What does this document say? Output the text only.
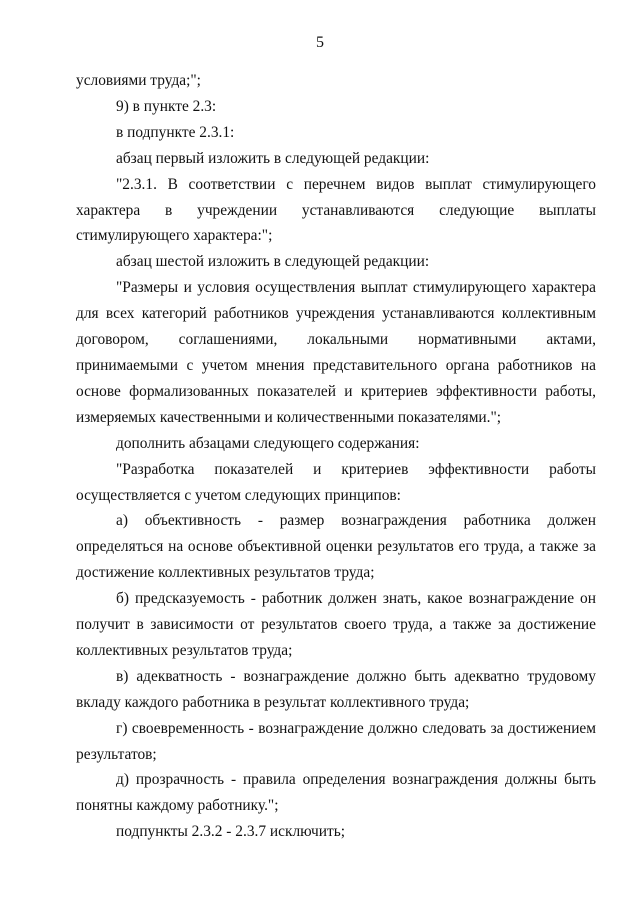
5

условиями труда;";

9) в пункте 2.3:

в подпункте 2.3.1:

абзац первый изложить в следующей редакции:

"2.3.1. В соответствии с перечнем видов выплат стимулирующего характера в учреждении устанавливаются следующие выплаты стимулирующего характера:";

абзац шестой изложить в следующей редакции:

"Размеры и условия осуществления выплат стимулирующего характера для всех категорий работников учреждения устанавливаются коллективным договором, соглашениями, локальными нормативными актами, принимаемыми с учетом мнения представительного органа работников на основе формализованных показателей и критериев эффективности работы, измеряемых качественными и количественными показателями.";

дополнить абзацами следующего содержания:

"Разработка показателей и критериев эффективности работы осуществляется с учетом следующих принципов:

а) объективность - размер вознаграждения работника должен определяться на основе объективной оценки результатов его труда, а также за достижение коллективных результатов труда;

б) предсказуемость - работник должен знать, какое вознаграждение он получит в зависимости от результатов своего труда, а также за достижение коллективных результатов труда;

в) адекватность - вознаграждение должно быть адекватно трудовому вкладу каждого работника в результат коллективного труда;

г) своевременность - вознаграждение должно следовать за достижением результатов;

д) прозрачность - правила определения вознаграждения должны быть понятны каждому работнику.";

подпункты 2.3.2 - 2.3.7 исключить;
